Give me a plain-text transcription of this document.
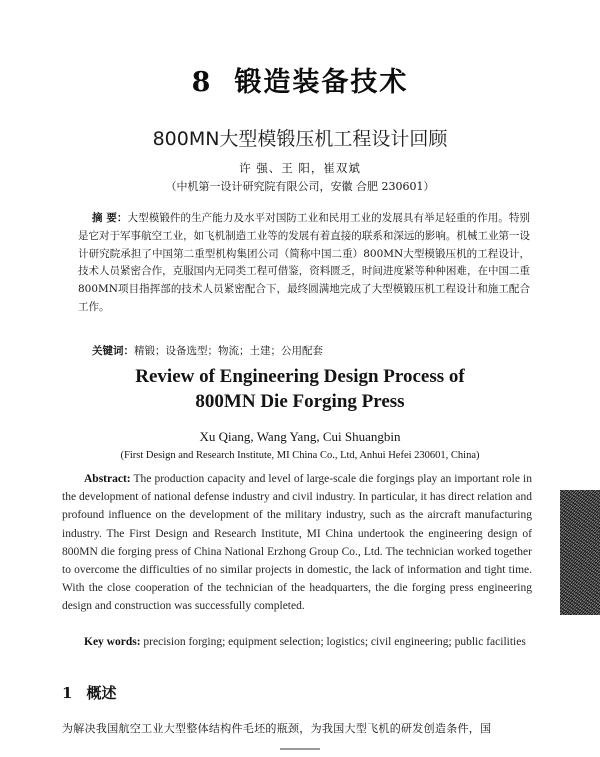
8 锻造装备技术
800MN大型模锻压机工程设计回顾
许 强、王 阳，崔双斌
（中机第一设计研究院有限公司，安徽 合肥 230601）
摘 要：大型模锻件的生产能力及水平对国防工业和民用工业的发展具有举足轻重的作用。特别是它对于军事航空工业，如飞机制造工业等的发展有着直接的联系和深远的影响。机械工业第一设计研究院承担了中国第二重型机构集团公司（简称中国二重）800MN大型模锻压机的工程设计，技术人员紧密合作，克服国内无同类工程可借鉴，资料匮乏，时间进度紧等种种困难，在中国二重800MN项目指挥部的技术人员紧密配合下，最终圆满地完成了大型模锻压机工程设计和施工配合工作。
关键词：精锻；设备选型；物流；土建；公用配套
Review of Engineering Design Process of
800MN Die Forging Press
Xu Qiang, Wang Yang, Cui Shuangbin
(First Design and Research Institute, MI China Co., Ltd, Anhui Hefei 230601, China)
Abstract: The production capacity and level of large-scale die forgings play an important role in the development of national defense industry and civil industry. In particular, it has direct relation and profound influence on the development of the military industry, such as the aircraft manufacturing industry. The First Design and Research Institute, MI China undertook the engineering design of 800MN die forging press of China National Erzhong Group Co., Ltd. The technician worked together to overcome the difficulties of no similar projects in domestic, the lack of information and tight time. With the close cooperation of the technician of the headquarters, the die forging press engineering design and construction was successfully completed.
Key words: precision forging; equipment selection; logistics; civil engineering; public facilities
1 概述
为解决我国航空工业大型整体结构件毛坯的瓶颈，为我国大型飞机的研发创造条件，国
